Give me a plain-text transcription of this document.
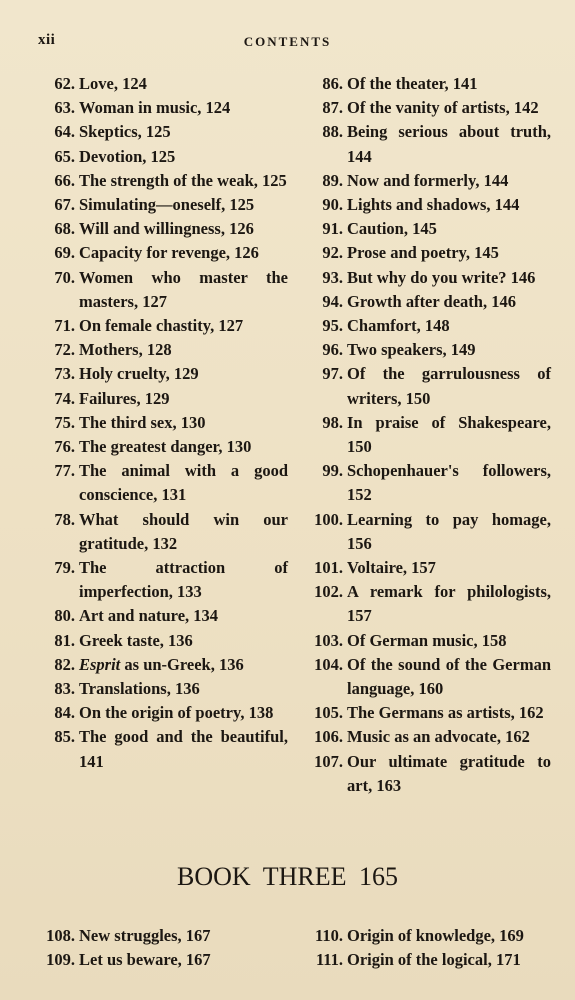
xii	CONTENTS
62. Love, 124
63. Woman in music, 124
64. Skeptics, 125
65. Devotion, 125
66. The strength of the weak, 125
67. Simulating—oneself, 125
68. Will and willingness, 126
69. Capacity for revenge, 126
70. Women who master the masters, 127
71. On female chastity, 127
72. Mothers, 128
73. Holy cruelty, 129
74. Failures, 129
75. The third sex, 130
76. The greatest danger, 130
77. The animal with a good conscience, 131
78. What should win our gratitude, 132
79. The attraction of imperfection, 133
80. Art and nature, 134
81. Greek taste, 136
82. Esprit as un-Greek, 136
83. Translations, 136
84. On the origin of poetry, 138
85. The good and the beautiful, 141
86. Of the theater, 141
87. Of the vanity of artists, 142
88. Being serious about truth, 144
89. Now and formerly, 144
90. Lights and shadows, 144
91. Caution, 145
92. Prose and poetry, 145
93. But why do you write? 146
94. Growth after death, 146
95. Chamfort, 148
96. Two speakers, 149
97. Of the garrulousness of writers, 150
98. In praise of Shakespeare, 150
99. Schopenhauer's followers, 152
100. Learning to pay homage, 156
101. Voltaire, 157
102. A remark for philologists, 157
103. Of German music, 158
104. Of the sound of the German language, 160
105. The Germans as artists, 162
106. Music as an advocate, 162
107. Our ultimate gratitude to art, 163
BOOK THREE 165
108. New struggles, 167
109. Let us beware, 167
110. Origin of knowledge, 169
111. Origin of the logical, 171
